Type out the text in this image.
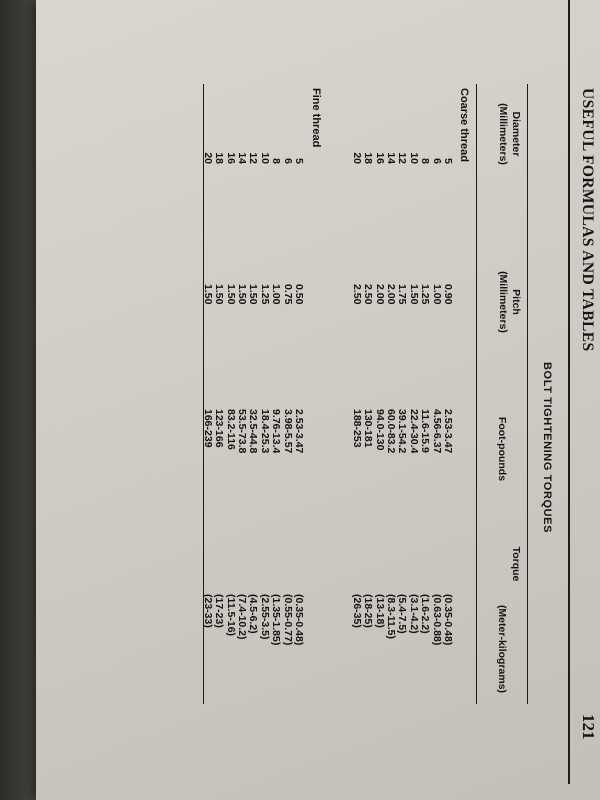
USEFUL FORMULAS AND TABLES
121
BOLT TIGHTENING TORQUES
Diameter
(Millimeters)
Pitch
(Millimeters)
Torque
Foot-pounds
(Meter-kilograms)
Coarse thread
5
0.90
2.53-3.47
(0.35-0.48)
6
1.00
4.56-6.37
(0.63-0.88)
8
1.25
11.6-15.9
(1.6-2.2)
10
1.50
22.4-30.4
(3.1-4.2)
12
1.75
39.1-54.2
(5.4-7.5)
14
2.00
60.0-83.2
(8.3-11.5)
16
2.00
94.0-130
(13-18)
18
2.50
130-181
(18-25)
20
2.50
188-253
(26-35)
Fine thread
5
0.50
2.53-3.47
(0.35-0.48)
6
0.75
3.98-5.57
(0.55-0.77)
8
1.00
9.76-13.4
(1.35-1.85)
10
1.25
18.4-25.3
(2.55-3.5)
12
1.50
32.5-44.8
(4.5-6.2)
14
1.50
53.5-73.8
(7.4-10.2)
16
1.50
83.2-116
(11.5-16)
18
1.50
123-166
(17-23)
20
1.50
166-239
(23-33)
